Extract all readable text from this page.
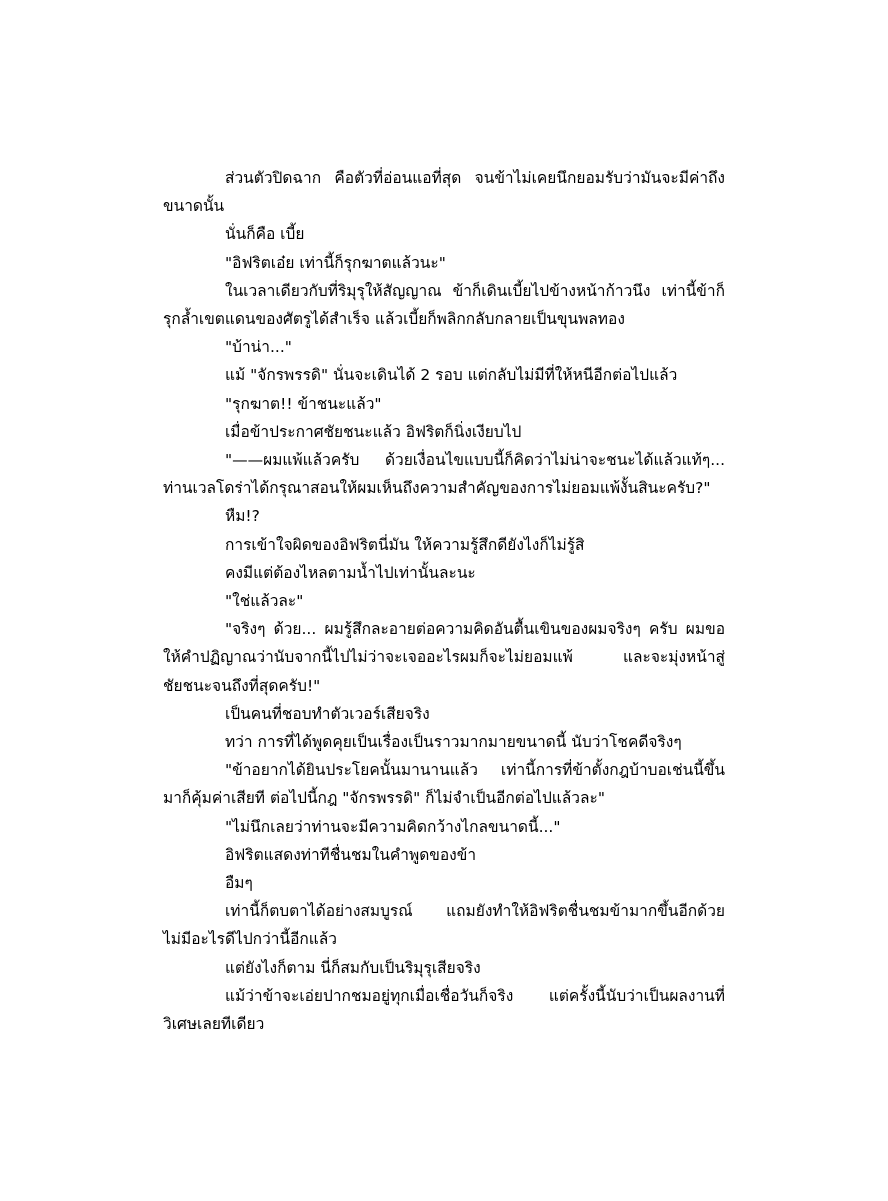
ส่วนตัวปิดฉาก คือตัวที่อ่อนแอที่สุด จนข้าไม่เคยนึกยอมรับว่ามันจะมีค่าถึงขนาดนั้น

นั่นก็คือ เบี้ย

"อิฟริตเอ๋ย เท่านี้ก็รุกฆาตแล้วนะ"

ในเวลาเดียวกับที่ริมุรุให้สัญญาณ ข้าก็เดินเบี้ยไปข้างหน้าก้าวนึง เท่านี้ข้าก็รุกล้ำเขตแดนของศัตรูได้สำเร็จ แล้วเบี้ยก็พลิกกลับกลายเป็นขุนพลทอง

"บ้าน่า..."

แม้ "จักรพรรดิ" นั่นจะเดินได้ 2 รอบ แต่กลับไม่มีที่ให้หนีอีกต่อไปแล้ว

"รุกฆาต!! ข้าชนะแล้ว"

เมื่อข้าประกาศชัยชนะแล้ว อิฟริตก็นิ่งเงียบไป

"——ผมแพ้แล้วครับ ด้วยเงื่อนไขแบบนี้ก็คิดว่าไม่น่าจะชนะได้แล้วแท้ๆ... ท่านเวลโดร่าได้กรุณาสอนให้ผมเห็นถึงความสำคัญของการไม่ยอมแพ้งั้นสินะครับ?"

หืม!?

การเข้าใจผิดของอิฟริตนี่มัน ให้ความรู้สึกดียังไงก็ไม่รู้สิ

คงมีแต่ต้องไหลตามน้ำไปเท่านั้นละนะ

"ใช่แล้วละ"

"จริงๆ ด้วย... ผมรู้สึกละอายต่อความคิดอันตื้นเขินของผมจริงๆ ครับ ผมขอให้คำปฏิญาณว่านับจากนี้ไปไม่ว่าจะเจออะไรผมก็จะไม่ยอมแพ้ และจะมุ่งหน้าสู่ชัยชนะจนถึงที่สุดครับ!"

เป็นคนที่ชอบทำตัวเวอร์เสียจริง

ทว่า การที่ได้พูดคุยเป็นเรื่องเป็นราวมากมายขนาดนี้ นับว่าโชคดีจริงๆ

"ข้าอยากได้ยินประโยคนั้นมานานแล้ว เท่านี้การที่ข้าตั้งกฎบ้าบอเช่นนี้ขึ้นมาก็คุ้มค่าเสียที ต่อไปนี้กฎ "จักรพรรดิ" ก็ไม่จำเป็นอีกต่อไปแล้วละ"

"ไม่นึกเลยว่าท่านจะมีความคิดกว้างไกลขนาดนี้..."

อิฟริตแสดงท่าทีชื่นชมในคำพูดของข้า

อืมๆ

เท่านี้ก็ตบตาได้อย่างสมบูรณ์ แถมยังทำให้อิฟริตชื่นชมข้ามากขึ้นอีกด้วย ไม่มีอะไรดีไปกว่านี้อีกแล้ว

แต่ยังไงก็ตาม นี่ก็สมกับเป็นริมุรุเสียจริง

แม้ว่าข้าจะเอ่ยปากชมอยู่ทุกเมื่อเชื่อวันก็จริง แต่ครั้งนี้นับว่าเป็นผลงานที่วิเศษเลยทีเดียว
